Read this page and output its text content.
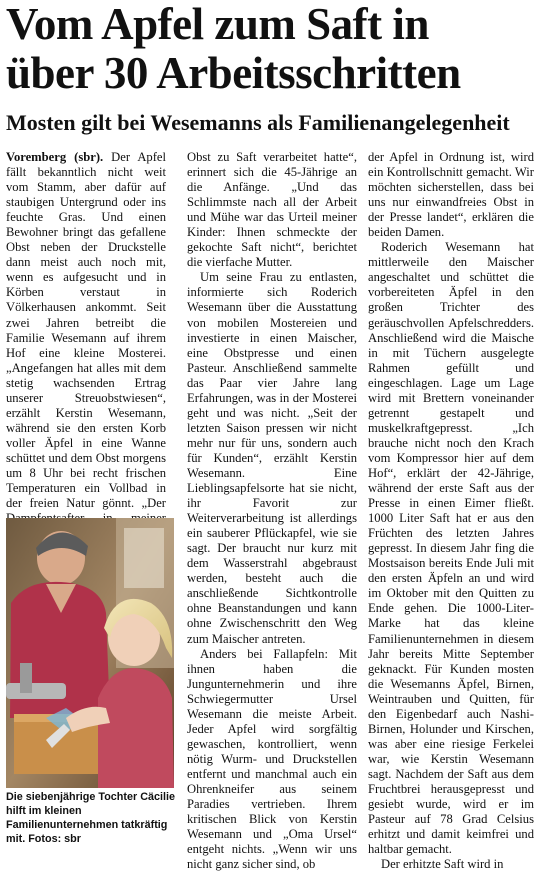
Vom Apfel zum Saft in
über 30 Arbeitsschritten
Mosten gilt bei Wesemanns als Familienangelegenheit

Voremberg (sbr). Der Apfel fällt bekanntlich nicht weit vom Stamm, aber dafür auf staubigen Untergrund oder ins feuchte Gras. Und einen Bewohner bringt das gefallene Obst neben der Druckstelle dann meist auch noch mit, wenn es aufgesucht und in Körben verstaut in Völkerhausen ankommt. Seit zwei Jahren betreibt die Familie Wesemann auf ihrem Hof eine kleine Mosterei. „Angefangen hat alles mit dem stetig wachsenden Ertrag unserer Streuobstwiesen“, erzählt Kerstin Wesemann, während sie den ersten Korb voller Äpfel in eine Wanne schüttet und dem Obst morgens um 8 Uhr bei recht frischen Temperaturen ein Vollbad in der freien Natur gönnt. „Der

Die siebenjährige Tochter Cäcilie hilft im kleinen Familienunternehmen tatkräftig mit. Fotos: sbr

Obst zu Saft verarbeitet hatte“, erinnert sich die 45-Jährige an die Anfänge. „Und das Schlimmste nach all der Arbeit und Mühe war das Urteil meiner Kinder: Ihnen schmeckte der gekochte Saft nicht“, berichtet die vierfache Mutter.

Um seine Frau zu entlasten, informierte sich Roderich Wesemann über die Ausstattung von mobilen Mostereien und investierte in einen Maischer, eine Obstpresse und einen Pasteur. Anschließend sammelte das Paar vier Jahre lang Erfahrungen, was in der Mosterei geht und was nicht. „Seit der letzten Saison pressen wir nicht mehr nur für uns, sondern auch für Kunden“, erzählt Kerstin Wesemann. Eine Lieblingsapfelsorte hat sie nicht, ihr Favorit zur Weiterverarbeitung ist allerdings ein sauberer Pflückapfel, wie sie sagt. Der braucht nur kurz mit dem Wasserstrahl abgebraust werden, besteht auch die anschließende Sichtkontrolle ohne Beanstandungen und kann ohne Zwischenschritt den Weg zum Maischer antreten.

Anders bei Fallapfeln: Mit ihnen haben die Jungunternehmerin und ihre Schwiegermutter Ursel Wesemann die meiste Arbeit. Jeder Apfel wird sorgfältig gewaschen, kontrolliert, wenn nötig Wurm- und Druckstellen entfernt und manchmal auch ein Ohrenkneifer aus seinem Paradies vertrieben. Ihrem kritischen Blick von Kerstin Wesemann und „Oma Ursel“ entgeht nichts. „Wenn wir uns nicht ganz sicher sind, ob

der Apfel in Ordnung ist, wird ein Kontrollschnitt gemacht. Wir möchten sicherstellen, dass bei uns nur einwandfreies Obst in der Presse landet“, erklären die beiden Damen.

Roderich Wesemann hat mittlerweile den Maischer angeschaltet und schüttet die vorbereiteten Äpfel in den großen Trichter des geräuschvollen Apfelschredders. Anschließend wird die Maische in mit Tüchern ausgelegte Rahmen gefüllt und eingeschlagen. Lage um Lage wird mit Brettern voneinander getrennt gestapelt und muskelkraftgepresst. „Ich brauche nicht noch den Krach vom Kompressor hier auf dem Hof“, erklärt der 42-Jährige, während der erste Saft aus der Presse in einen Eimer fließt. 1000 Liter Saft hat er aus den Früchten des letzten Jahres gepresst. In diesem Jahr fing die Mostsaison bereits Ende Juli mit den ersten Äpfeln an und wird im Oktober mit den Quitten zu Ende gehen. Die 1000-Liter-Marke hat das kleine Familienunternehmen in diesem Jahr bereits Mitte September geknackt. Für Kunden mosten die Wesemanns Äpfel, Birnen, Weintrauben und Quitten, für den Eigenbedarf auch Nashi-Birnen, Holunder und Kirschen, was aber eine riesige Ferkelei war, wie Kerstin Wesemann sagt. Nachdem der Saft aus dem Fruchtbrei herausgepresst und gesiebt wurde, wird er im Pasteur auf 78 Grad Celsius erhitzt und damit keimfrei und haltbar gemacht.

Der erhitzte Saft wird in
